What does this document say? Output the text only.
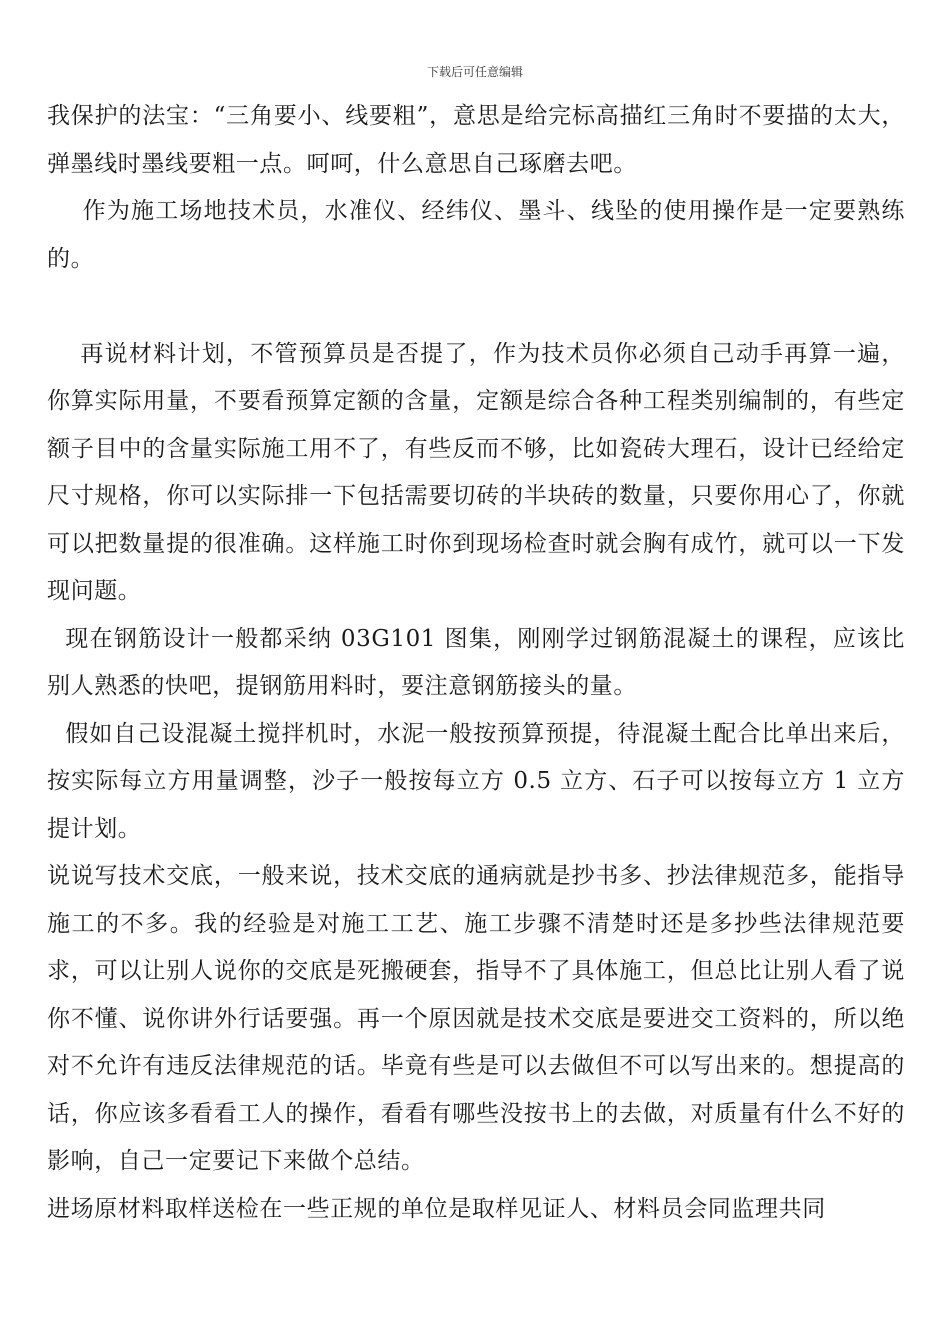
下载后可任意编辑

我保护的法宝：“三角要小、线要粗”，意思是给完标高描红三角时不要描的太大，弹墨线时墨线要粗一点。呵呵，什么意思自己琢磨去吧。

作为施工场地技术员，水准仪、经纬仪、墨斗、线坠的使用操作是一定要熟练的。

再说材料计划，不管预算员是否提了，作为技术员你必须自己动手再算一遍，你算实际用量，不要看预算定额的含量，定额是综合各种工程类别编制的，有些定额子目中的含量实际施工用不了，有些反而不够，比如瓷砖大理石，设计已经给定尺寸规格，你可以实际排一下包括需要切砖的半块砖的数量，只要你用心了，你就可以把数量提的很准确。这样施工时你到现场检查时就会胸有成竹，就可以一下发现问题。

现在钢筋设计一般都采纳 03G101 图集，刚刚学过钢筋混凝土的课程，应该比别人熟悉的快吧，提钢筋用料时，要注意钢筋接头的量。

假如自己设混凝土搅拌机时，水泥一般按预算预提，待混凝土配合比单出来后，按实际每立方用量调整，沙子一般按每立方 0.5 立方、石子可以按每立方 1 立方提计划。

说说写技术交底，一般来说，技术交底的通病就是抄书多、抄法律规范多，能指导施工的不多。我的经验是对施工工艺、施工步骤不清楚时还是多抄些法律规范要求，可以让别人说你的交底是死搬硬套，指导不了具体施工，但总比让别人看了说你不懂、说你讲外行话要强。再一个原因就是技术交底是要进交工资料的，所以绝对不允许有违反法律规范的话。毕竟有些是可以去做但不可以写出来的。想提高的话，你应该多看看工人的操作，看看有哪些没按书上的去做，对质量有什么不好的影响，自己一定要记下来做个总结。

进场原材料取样送检在一些正规的单位是取样见证人、材料员会同监理共同
